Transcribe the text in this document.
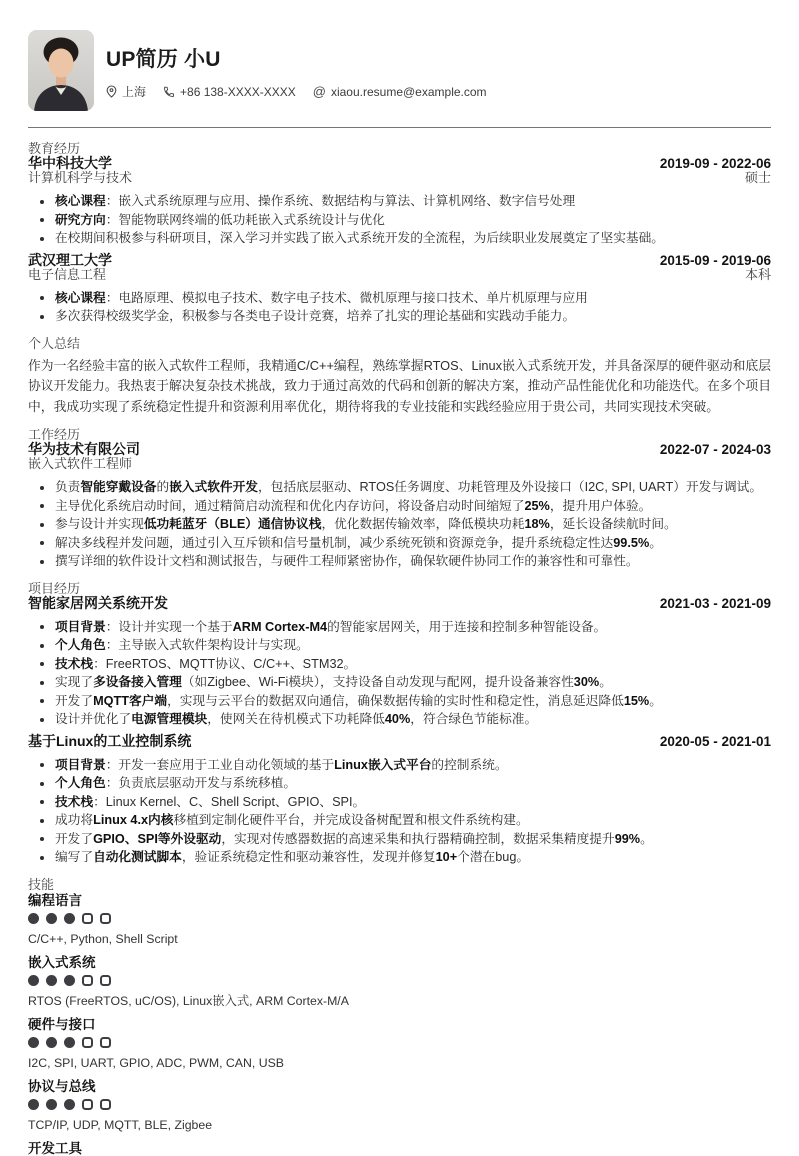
UP简历 小U
上海	+86 138-XXXX-XXXX @ xiaou.resume@example.com
教育经历
华中科技大学	2019-09 - 2022-06
计算机科学与技术	硕士
核心课程：嵌入式系统原理与应用、操作系统、数据结构与算法、计算机网络、数字信号处理
研究方向：智能物联网终端的低功耗嵌入式系统设计与优化
在校期间积极参与科研项目，深入学习并实践了嵌入式系统开发的全流程，为后续职业发展奠定了坚实基础。
武汉理工大学	2015-09 - 2019-06
电子信息工程	本科
核心课程：电路原理、模拟电子技术、数字电子技术、微机原理与接口技术、单片机原理与应用
多次获得校级奖学金，积极参与各类电子设计竞赛，培养了扎实的理论基础和实践动手能力。
个人总结

作为一名经验丰富的嵌入式软件工程师，我精通C/C++编程，熟练掌握RTOS、Linux嵌入式系统开发，并具备深厚的硬件驱动和底层协议开发能力。我热衷于解决复杂技术挑战，致力于通过高效的代码和创新的解决方案，推动产品性能优化和功能迭代。在多个项目中，我成功实现了系统稳定性提升和资源利用率优化，期待将我的专业技能和实践经验应用于贵公司，共同实现技术突破。

工作经历
华为技术有限公司	2022-07 - 2024-03
嵌入式软件工程师
负责智能穿戴设备的嵌入式软件开发，包括底层驱动、RTOS任务调度、功耗管理及外设接口（I2C, SPI, UART）开发与调试。
主导优化系统启动时间，通过精简启动流程和优化内存访问，将设备启动时间缩短了25%，提升用户体验。
参与设计并实现低功耗蓝牙（BLE）通信协议栈，优化数据传输效率，降低模块功耗18%，延长设备续航时间。
解决多线程并发问题，通过引入互斥锁和信号量机制，减少系统死锁和资源竞争，提升系统稳定性达99.5%。
撰写详细的软件设计文档和测试报告，与硬件工程师紧密协作，确保软硬件协同工作的兼容性和可靠性。
项目经历
智能家居网关系统开发	2021-03 - 2021-09
项目背景：设计并实现一个基于ARM Cortex-M4的智能家居网关，用于连接和控制多种智能设备。
个人角色：主导嵌入式软件架构设计与实现。
技术栈：FreeRTOS、MQTT协议、C/C++、STM32。
实现了多设备接入管理（如Zigbee、Wi-Fi模块），支持设备自动发现与配网，提升设备兼容性30%。
开发了MQTT客户端，实现与云平台的数据双向通信，确保数据传输的实时性和稳定性，消息延迟降低15%。
设计并优化了电源管理模块，使网关在待机模式下功耗降低40%，符合绿色节能标准。
基于Linux的工业控制系统	2020-05 - 2021-01
项目背景：开发一套应用于工业自动化领域的基于Linux嵌入式平台的控制系统。
个人角色：负责底层驱动开发与系统移植。
技术栈：Linux Kernel、C、Shell Script、GPIO、SPI。
成功将Linux 4.x内核移植到定制化硬件平台，并完成设备树配置和根文件系统构建。
开发了GPIO、SPI等外设驱动，实现对传感器数据的高速采集和执行器精确控制，数据采集精度提升99%。
编写了自动化测试脚本，验证系统稳定性和驱动兼容性，发现并修复10+个潜在bug。
技能
编程语言
C/C++, Python, Shell Script
嵌入式系统
RTOS (FreeRTOS, uC/OS), Linux嵌入式, ARM Cortex-M/A
硬件与接口
I2C, SPI, UART, GPIO, ADC, PWM, CAN, USB
协议与总线
TCP/IP, UDP, MQTT, BLE, Zigbee
开发工具
